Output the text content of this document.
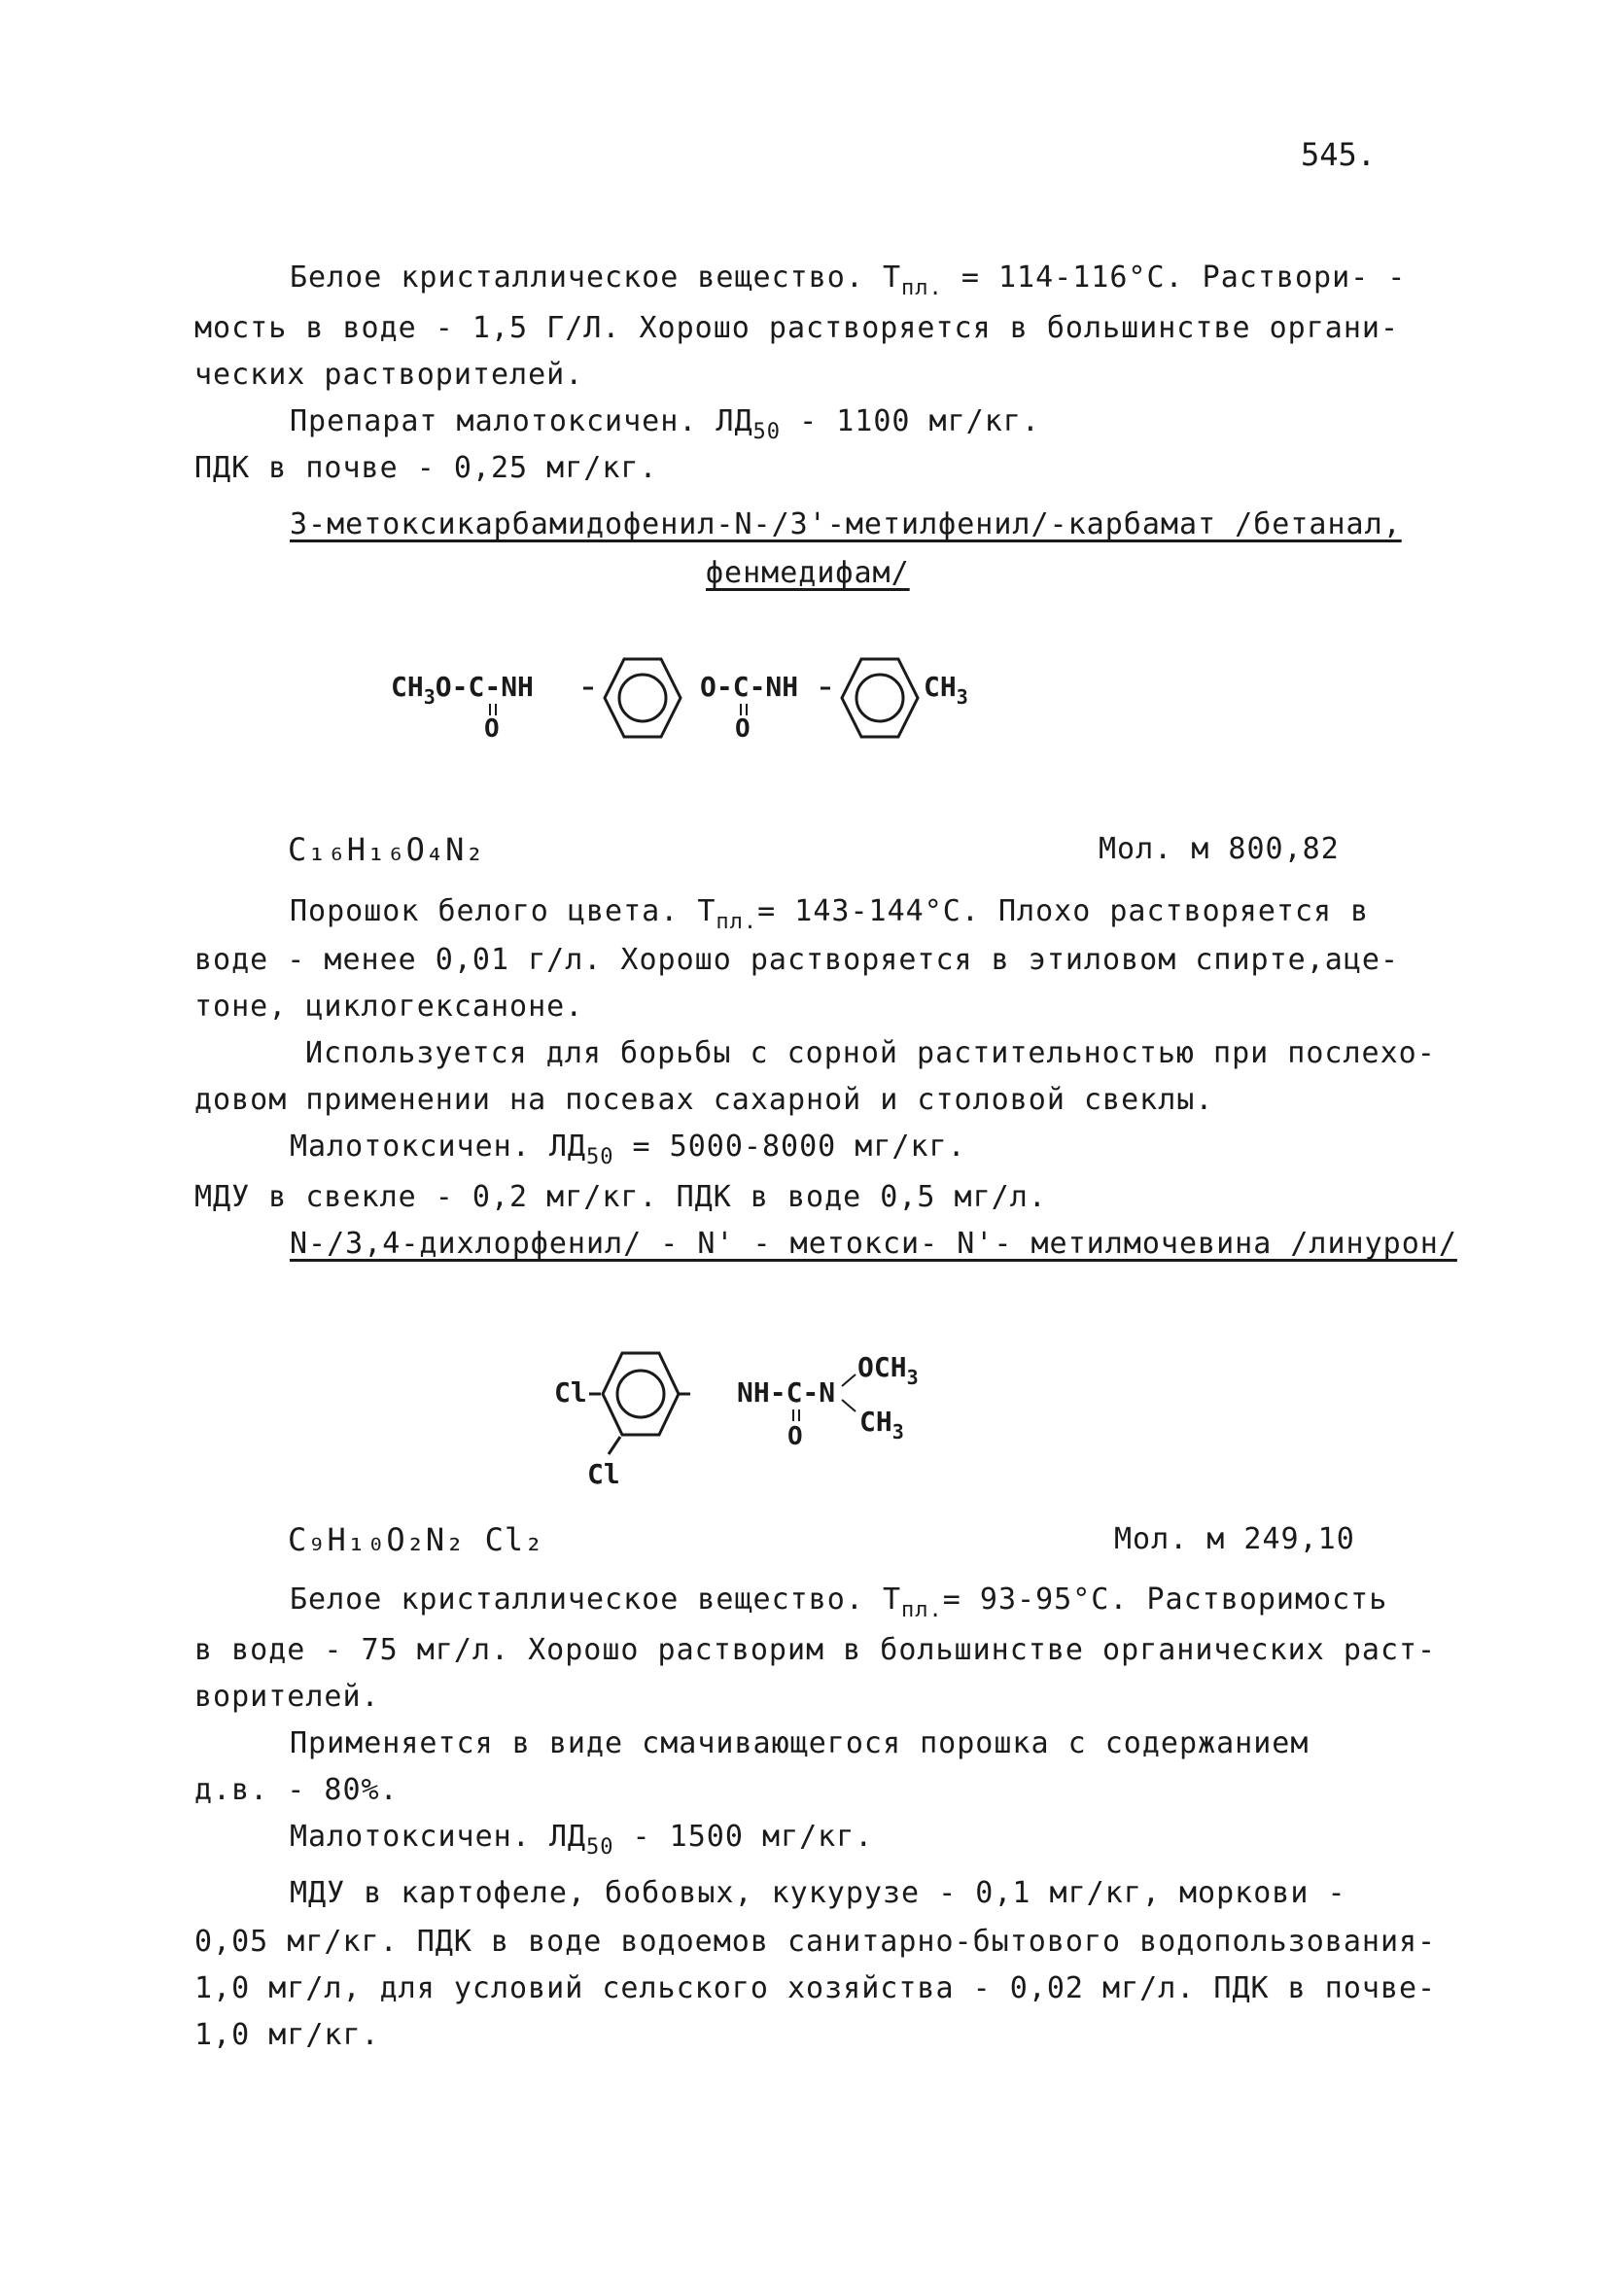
545.
Белое кристаллическое вещество. $Т_{пл.} = 114-116^\circ С$. Раствори- -
мость в воде - 1,5 Г/Л. Хорошо растворяется в большинстве органи-
ческих растворителей.
Препарат малотоксичен. $ЛД_{50} - 1100$ мг/кг.
ПДК в почве - 0,25 мг/кг.
3-метоксикарбамидофенил-N-/3'-метилфенил/-карбамат /бетанал,
фенмедифам/
$CH_3O-C-NH$
O
O-C-NH
O
$CH_3$
C₁₆H₁₆O₄N₂	Мол. м 800,82
Порошок белого цвета. $Т_{пл.}= 143-144^\circ С$. Плохо растворяется в
воде - менее 0,01 г/л. Хорошо растворяется в этиловом спирте,аце-
тоне, циклогексаноне.
Используется для борьбы с сорной растительностью при послехо-
довом применении на посевах сахарной и столовой свеклы.
Малотоксичен. $ЛД_{50} = 5000-8000$ мг/кг.
МДУ в свекле - 0,2 мг/кг. ПДК в воде 0,5 мг/л.
N-/3,4-дихлорфенил/ - N' - метокси- N'- метилмочевина /линурон/
Cl
Cl
NH-C-N
O
$OCH_3$
$CH_3$
C₉H₁₀O₂N₂ Cl₂	Мол. м 249,10
Белое кристаллическое вещество. $Т_{пл.}= 93-95^\circ С$. Растворимость
в воде - 75 мг/л. Хорошо растворим в большинстве органических раст-
ворителей.
Применяется в виде смачивающегося порошка с содержанием
д.в. - 80%.
Малотоксичен. $ЛД_{50} - 1500$ мг/кг.
МДУ в картофеле, бобовых, кукурузе - 0,1 мг/кг, моркови -
0,05 мг/кг. ПДК в воде водоемов санитарно-бытового водопользования-
1,0 мг/л, для условий сельского хозяйства - 0,02 мг/л. ПДК в почве-
1,0 мг/кг.
